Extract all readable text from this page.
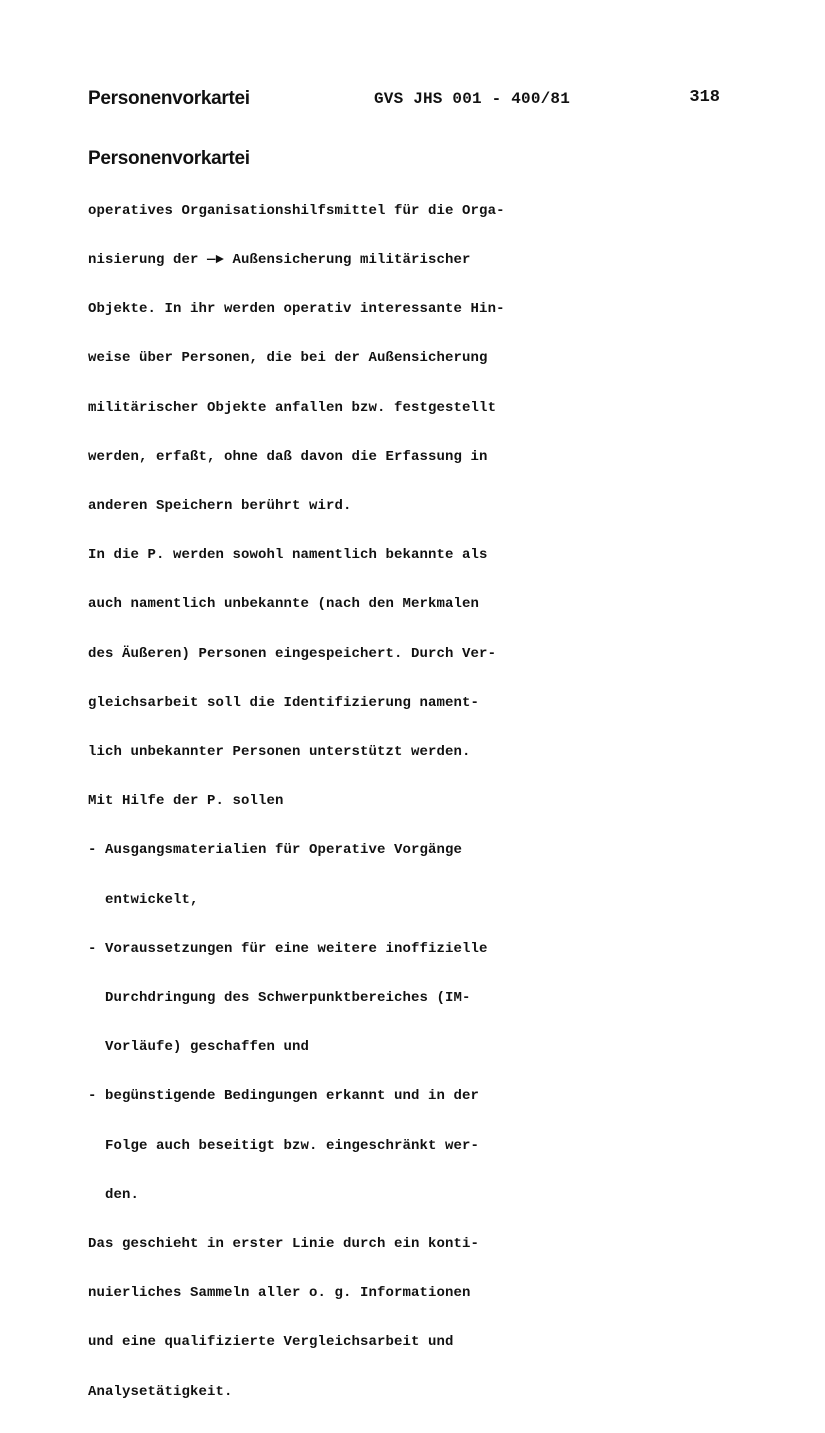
Personenvorkartei	GVS JHS 001 - 400/81	318
Personenvorkartei

operatives Organisationshilfsmittel für die Orga-

nisierung der —► Außensicherung militärischer

Objekte. In ihr werden operativ interessante Hin-

weise über Personen, die bei der Außensicherung

militärischer Objekte anfallen bzw. festgestellt

werden, erfaßt, ohne daß davon die Erfassung in

anderen Speichern berührt wird.

In die P. werden sowohl namentlich bekannte als

auch namentlich unbekannte (nach den Merkmalen

des Äußeren) Personen eingespeichert. Durch Ver-

gleichsarbeit soll die Identifizierung nament-

lich unbekannter Personen unterstützt werden.

Mit Hilfe der P. sollen

- Ausgangsmaterialien für Operative Vorgänge

entwickelt,

- Voraussetzungen für eine weitere inoffizielle

Durchdringung des Schwerpunktbereiches (IM-

Vorläufe) geschaffen und

- begünstigende Bedingungen erkannt und in der

Folge auch beseitigt bzw. eingeschränkt wer-

den.

Das geschieht in erster Linie durch ein konti-

nuierliches Sammeln aller o. g. Informationen

und eine qualifizierte Vergleichsarbeit und

Analysetätigkeit.
